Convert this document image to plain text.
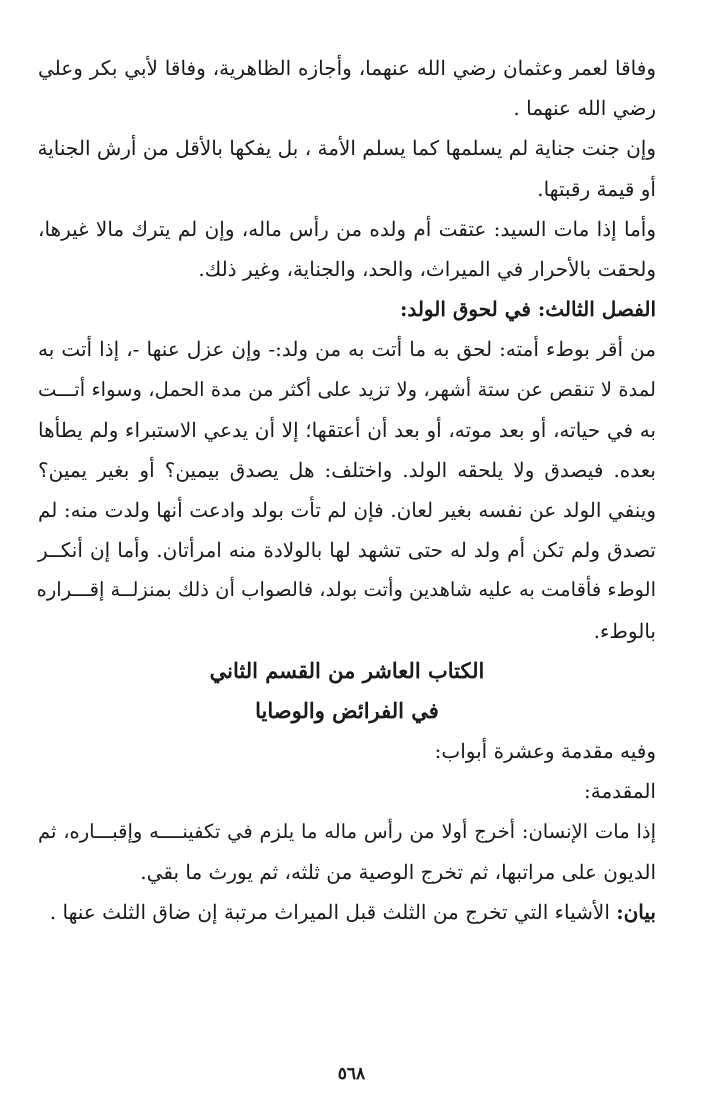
وفاقا لعمر وعثمان رضي الله عنهما، وأجازه الظاهرية، وفاقا لأبي بكر وعلي
رضي الله عنهما .
وإن جنت جناية لم يسلمها كما يسلم الأمة ، بل يفكها بالأقل من أرش الجناية
أو قيمة رقبتها.
وأما إذا مات السيد: عتقت أم ولده من رأس ماله، وإن لم يترك مالا غيرها،
ولحقت بالأحرار في الميراث، والحد، والجناية، وغير ذلك.
الفصل الثالث: في لحوق الولد:
من أقر بوطء أمته: لحق به ما أتت به من ولد:- وإن عزل عنها -، إذا أتت به
لمدة لا تنقص عن ستة أشهر، ولا تزيد على أكثر من مدة الحمل، وسواء أتـــت
به في حياته، أو بعد موته، أو بعد أن أعتقها؛ إلا أن يدعي الاستبراء ولم يطأها
بعده. فيصدق ولا يلحقه الولد. واختلف: هل يصدق بيمين؟ أو بغير يمين؟
وينفي الولد عن نفسه بغير لعان. فإن لم تأت بولد وادعت أنها ولدت منه: لم
تصدق ولم تكن أم ولد له حتى تشهد لها بالولادة منه امرأتان. وأما إن أنكــر
الوطء فأقامت به عليه شاهدين وأتت بولد، فالصواب أن ذلك بمنزلــة إقـــراره
بالوطء.
الكتاب العاشر من القسم الثاني
في الفرائض والوصايا
وفيه مقدمة وعشرة أبواب:
المقدمة:
إذا مات الإنسان: أخرج أولا من رأس ماله ما يلزم في تكفينــــه وإقبـــاره، ثم
الديون على مراتبها، ثم تخرج الوصية من ثلثه، ثم يورث ما بقي.
بيان: الأشياء التي تخرج من الثلث قبل الميراث مرتبة إن ضاق الثلث عنها .
٥٦٨
